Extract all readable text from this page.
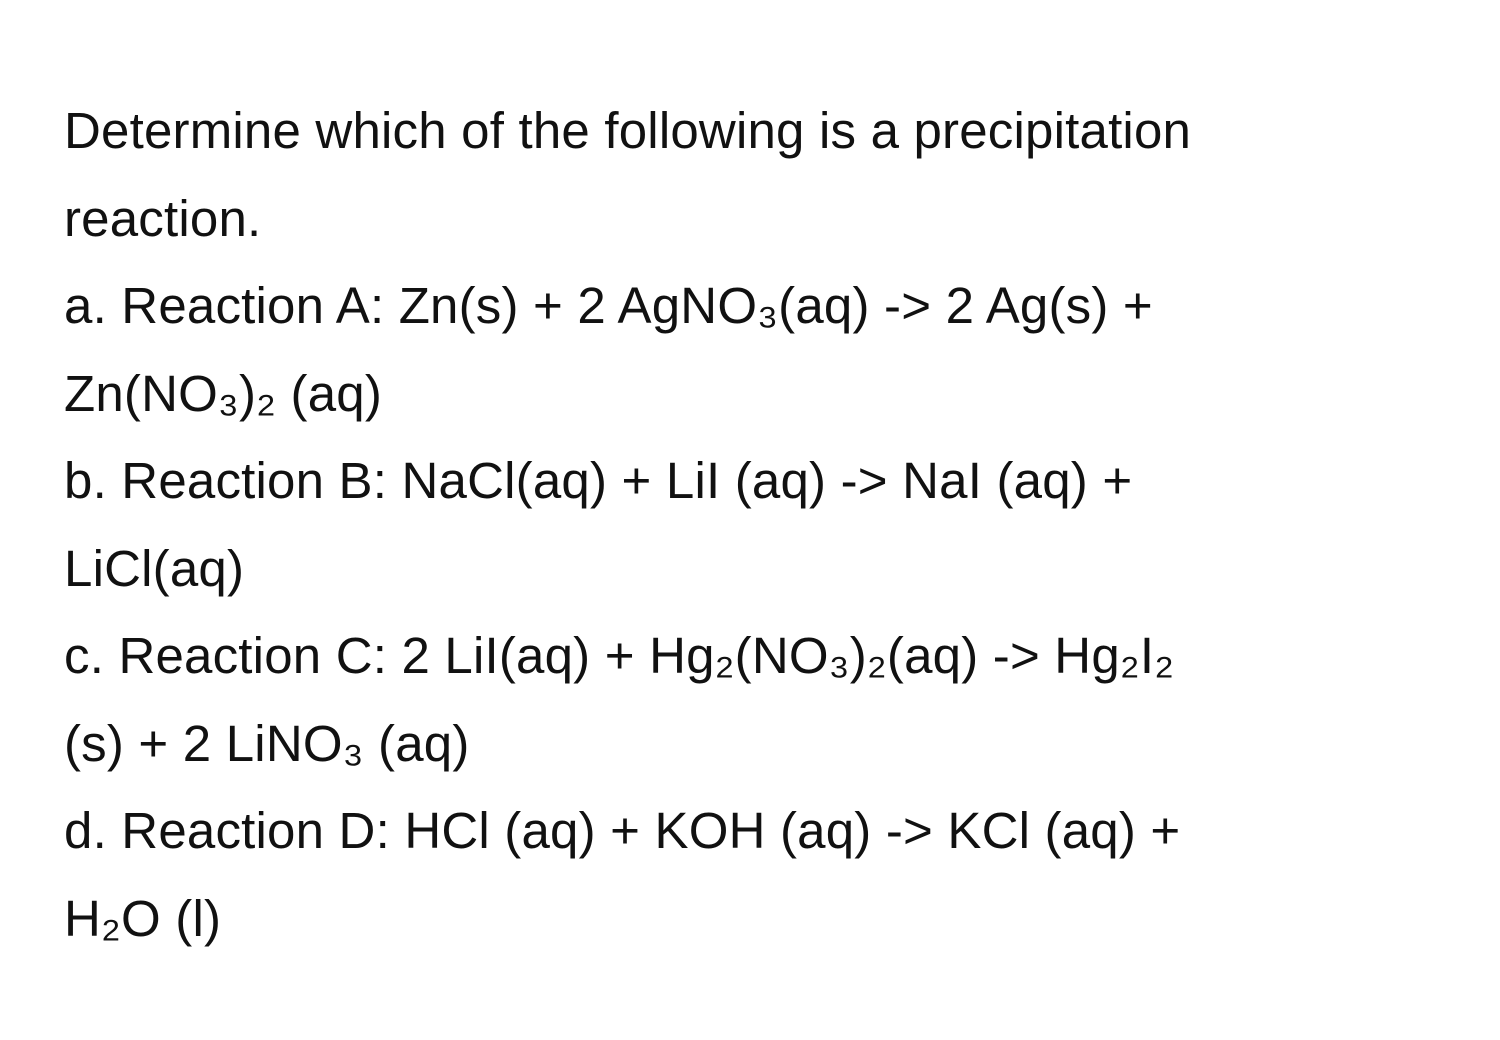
Determine which of the following is a precipitation
reaction.
a. Reaction A: Zn(s) + 2 AgNO₃(aq) -> 2 Ag(s) +
Zn(NO₃)₂ (aq)
b. Reaction B: NaCl(aq) + LiI (aq) -> NaI (aq) +
LiCl(aq)
c. Reaction C: 2 LiI(aq) + Hg₂(NO₃)₂(aq) -> Hg₂I₂
(s) + 2 LiNO₃ (aq)
d. Reaction D: HCl (aq) + KOH (aq) -> KCl (aq) +
H₂O (l)
